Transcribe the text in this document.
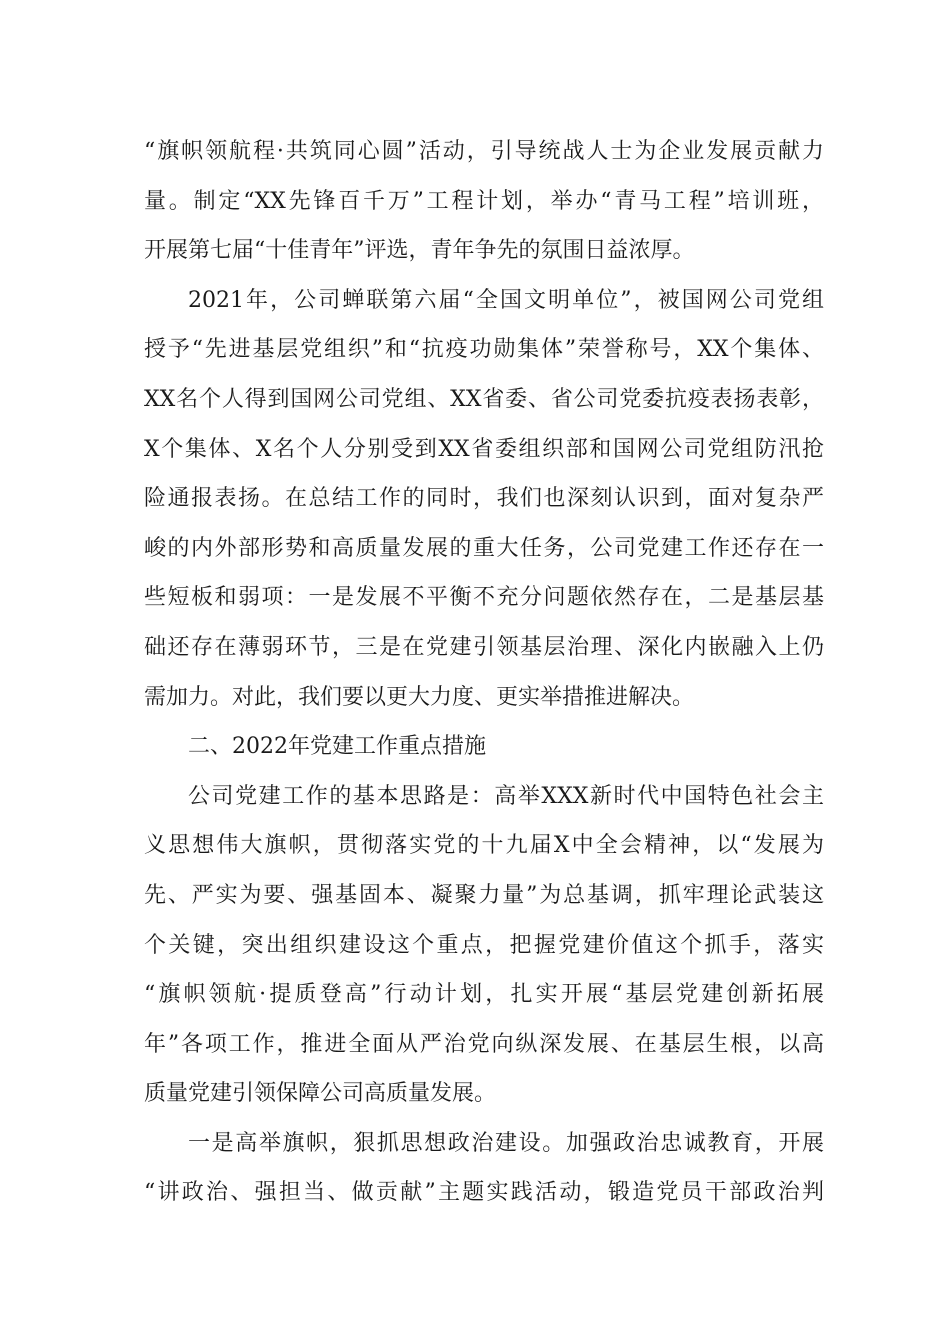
“旗帜领航程·共筑同心圆”活动，引导统战人士为企业发展贡献力
量。制定“XX先锋百千万”工程计划，举办“青马工程”培训班，
开展第七届“十佳青年”评选，青年争先的氛围日益浓厚。
2021年，公司蝉联第六届“全国文明单位”，被国网公司党组
授予“先进基层党组织”和“抗疫功勋集体”荣誉称号，XX个集体、
XX名个人得到国网公司党组、XX省委、省公司党委抗疫表扬表彰，
X个集体、X名个人分别受到XX省委组织部和国网公司党组防汛抢
险通报表扬。在总结工作的同时，我们也深刻认识到，面对复杂严
峻的内外部形势和高质量发展的重大任务，公司党建工作还存在一
些短板和弱项：一是发展不平衡不充分问题依然存在，二是基层基
础还存在薄弱环节，三是在党建引领基层治理、深化内嵌融入上仍
需加力。对此，我们要以更大力度、更实举措推进解决。
二、2022年党建工作重点措施
公司党建工作的基本思路是：高举XXX新时代中国特色社会主
义思想伟大旗帜，贯彻落实党的十九届X中全会精神，以“发展为
先、严实为要、强基固本、凝聚力量”为总基调，抓牢理论武装这
个关键，突出组织建设这个重点，把握党建价值这个抓手，落实
“旗帜领航·提质登高”行动计划，扎实开展“基层党建创新拓展
年”各项工作，推进全面从严治党向纵深发展、在基层生根，以高
质量党建引领保障公司高质量发展。
一是高举旗帜，狠抓思想政治建设。加强政治忠诚教育，开展
“讲政治、强担当、做贡献”主题实践活动，锻造党员干部政治判
